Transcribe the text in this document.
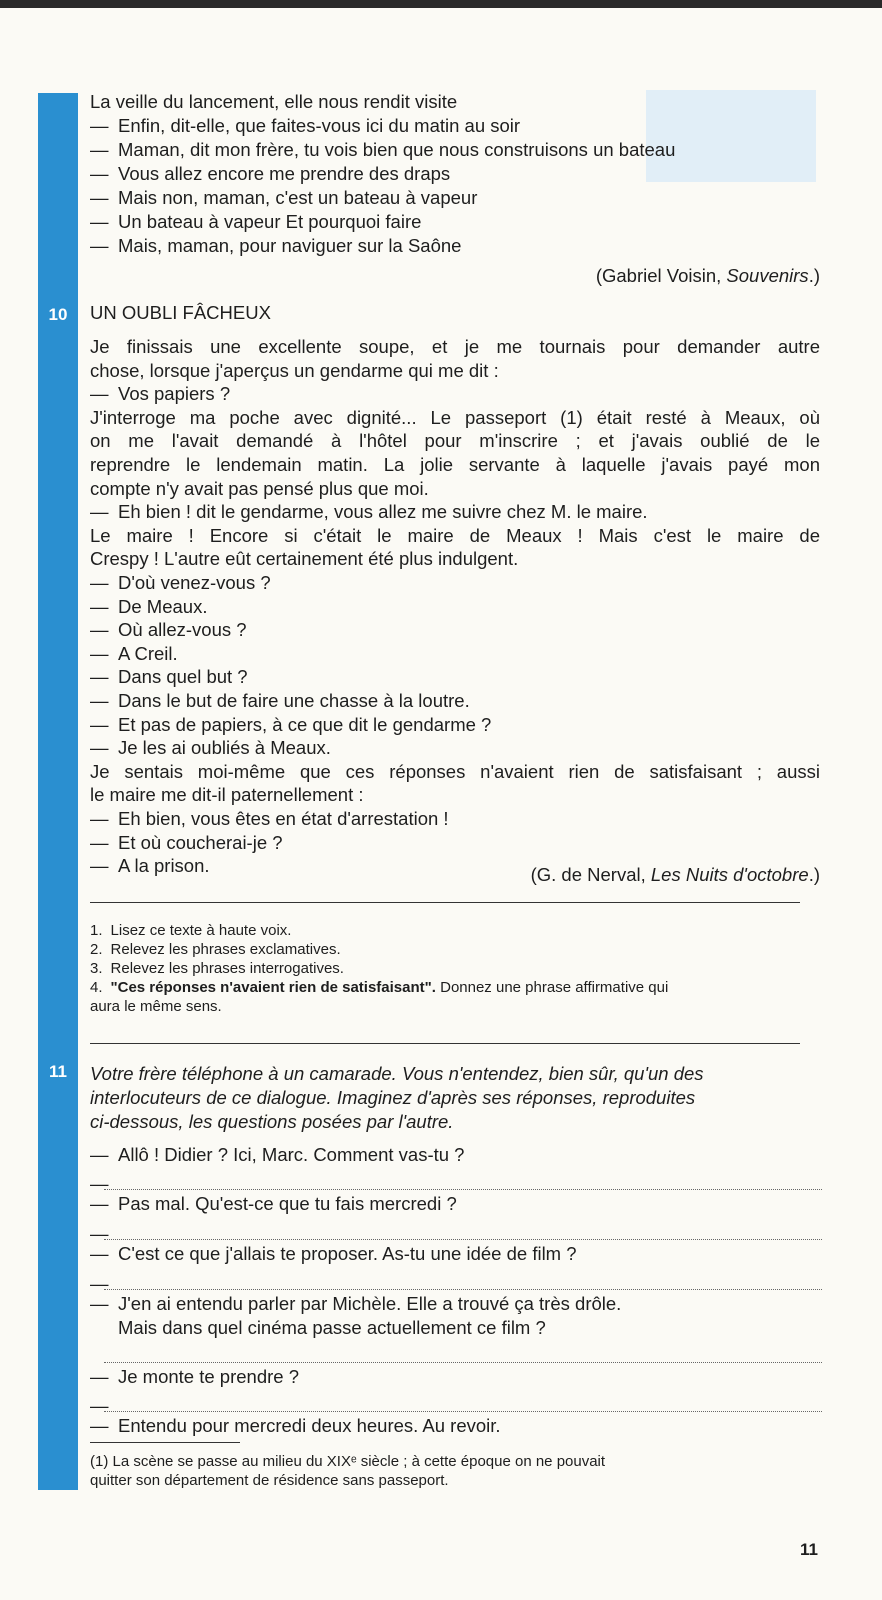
10
11
La veille du lancement, elle nous rendit visite
— Enfin, dit-elle, que faites-vous ici du matin au soir
— Maman, dit mon frère, tu vois bien que nous construisons un bateau
— Vous allez encore me prendre des draps
— Mais non, maman, c'est un bateau à vapeur
— Un bateau à vapeur Et pourquoi faire
— Mais, maman, pour naviguer sur la Saône
(Gabriel Voisin, Souvenirs.)
UN OUBLI FÂCHEUX
Je finissais une excellente soupe, et je me tournais pour demander autre
chose, lorsque j'aperçus un gendarme qui me dit :
— Vos papiers ?
J'interroge ma poche avec dignité... Le passeport (1) était resté à Meaux, où
on me l'avait demandé à l'hôtel pour m'inscrire ; et j'avais oublié de le
reprendre le lendemain matin. La jolie servante à laquelle j'avais payé mon
compte n'y avait pas pensé plus que moi.
— Eh bien ! dit le gendarme, vous allez me suivre chez M. le maire.
Le maire ! Encore si c'était le maire de Meaux ! Mais c'est le maire de
Crespy ! L'autre eût certainement été plus indulgent.
— D'où venez-vous ?
— De Meaux.
— Où allez-vous ?
— A Creil.
— Dans quel but ?
— Dans le but de faire une chasse à la loutre.
— Et pas de papiers, à ce que dit le gendarme ?
— Je les ai oubliés à Meaux.
Je sentais moi-même que ces réponses n'avaient rien de satisfaisant ; aussi
le maire me dit-il paternellement :
— Eh bien, vous êtes en état d'arrestation !
— Et où coucherai-je ?
— A la prison.	(G. de Nerval, Les Nuits d'octobre.)
1. Lisez ce texte à haute voix.
2. Relevez les phrases exclamatives.
3. Relevez les phrases interrogatives.
4. "Ces réponses n'avaient rien de satisfaisant". Donnez une phrase affirmative qui
aura le même sens.
Votre frère téléphone à un camarade. Vous n'entendez, bien sûr, qu'un des
interlocuteurs de ce dialogue. Imaginez d'après ses réponses, reproduites
ci-dessous, les questions posées par l'autre.
— Allô ! Didier ? Ici, Marc. Comment vas-tu ?
—
— Pas mal. Qu'est-ce que tu fais mercredi ?
—
— C'est ce que j'allais te proposer. As-tu une idée de film ?
—
— J'en ai entendu parler par Michèle. Elle a trouvé ça très drôle.
Mais dans quel cinéma passe actuellement ce film ?
— Je monte te prendre ?
—
— Entendu pour mercredi deux heures. Au revoir.
(1) La scène se passe au milieu du XIXᵉ siècle ; à cette époque on ne pouvait
quitter son département de résidence sans passeport.
11
